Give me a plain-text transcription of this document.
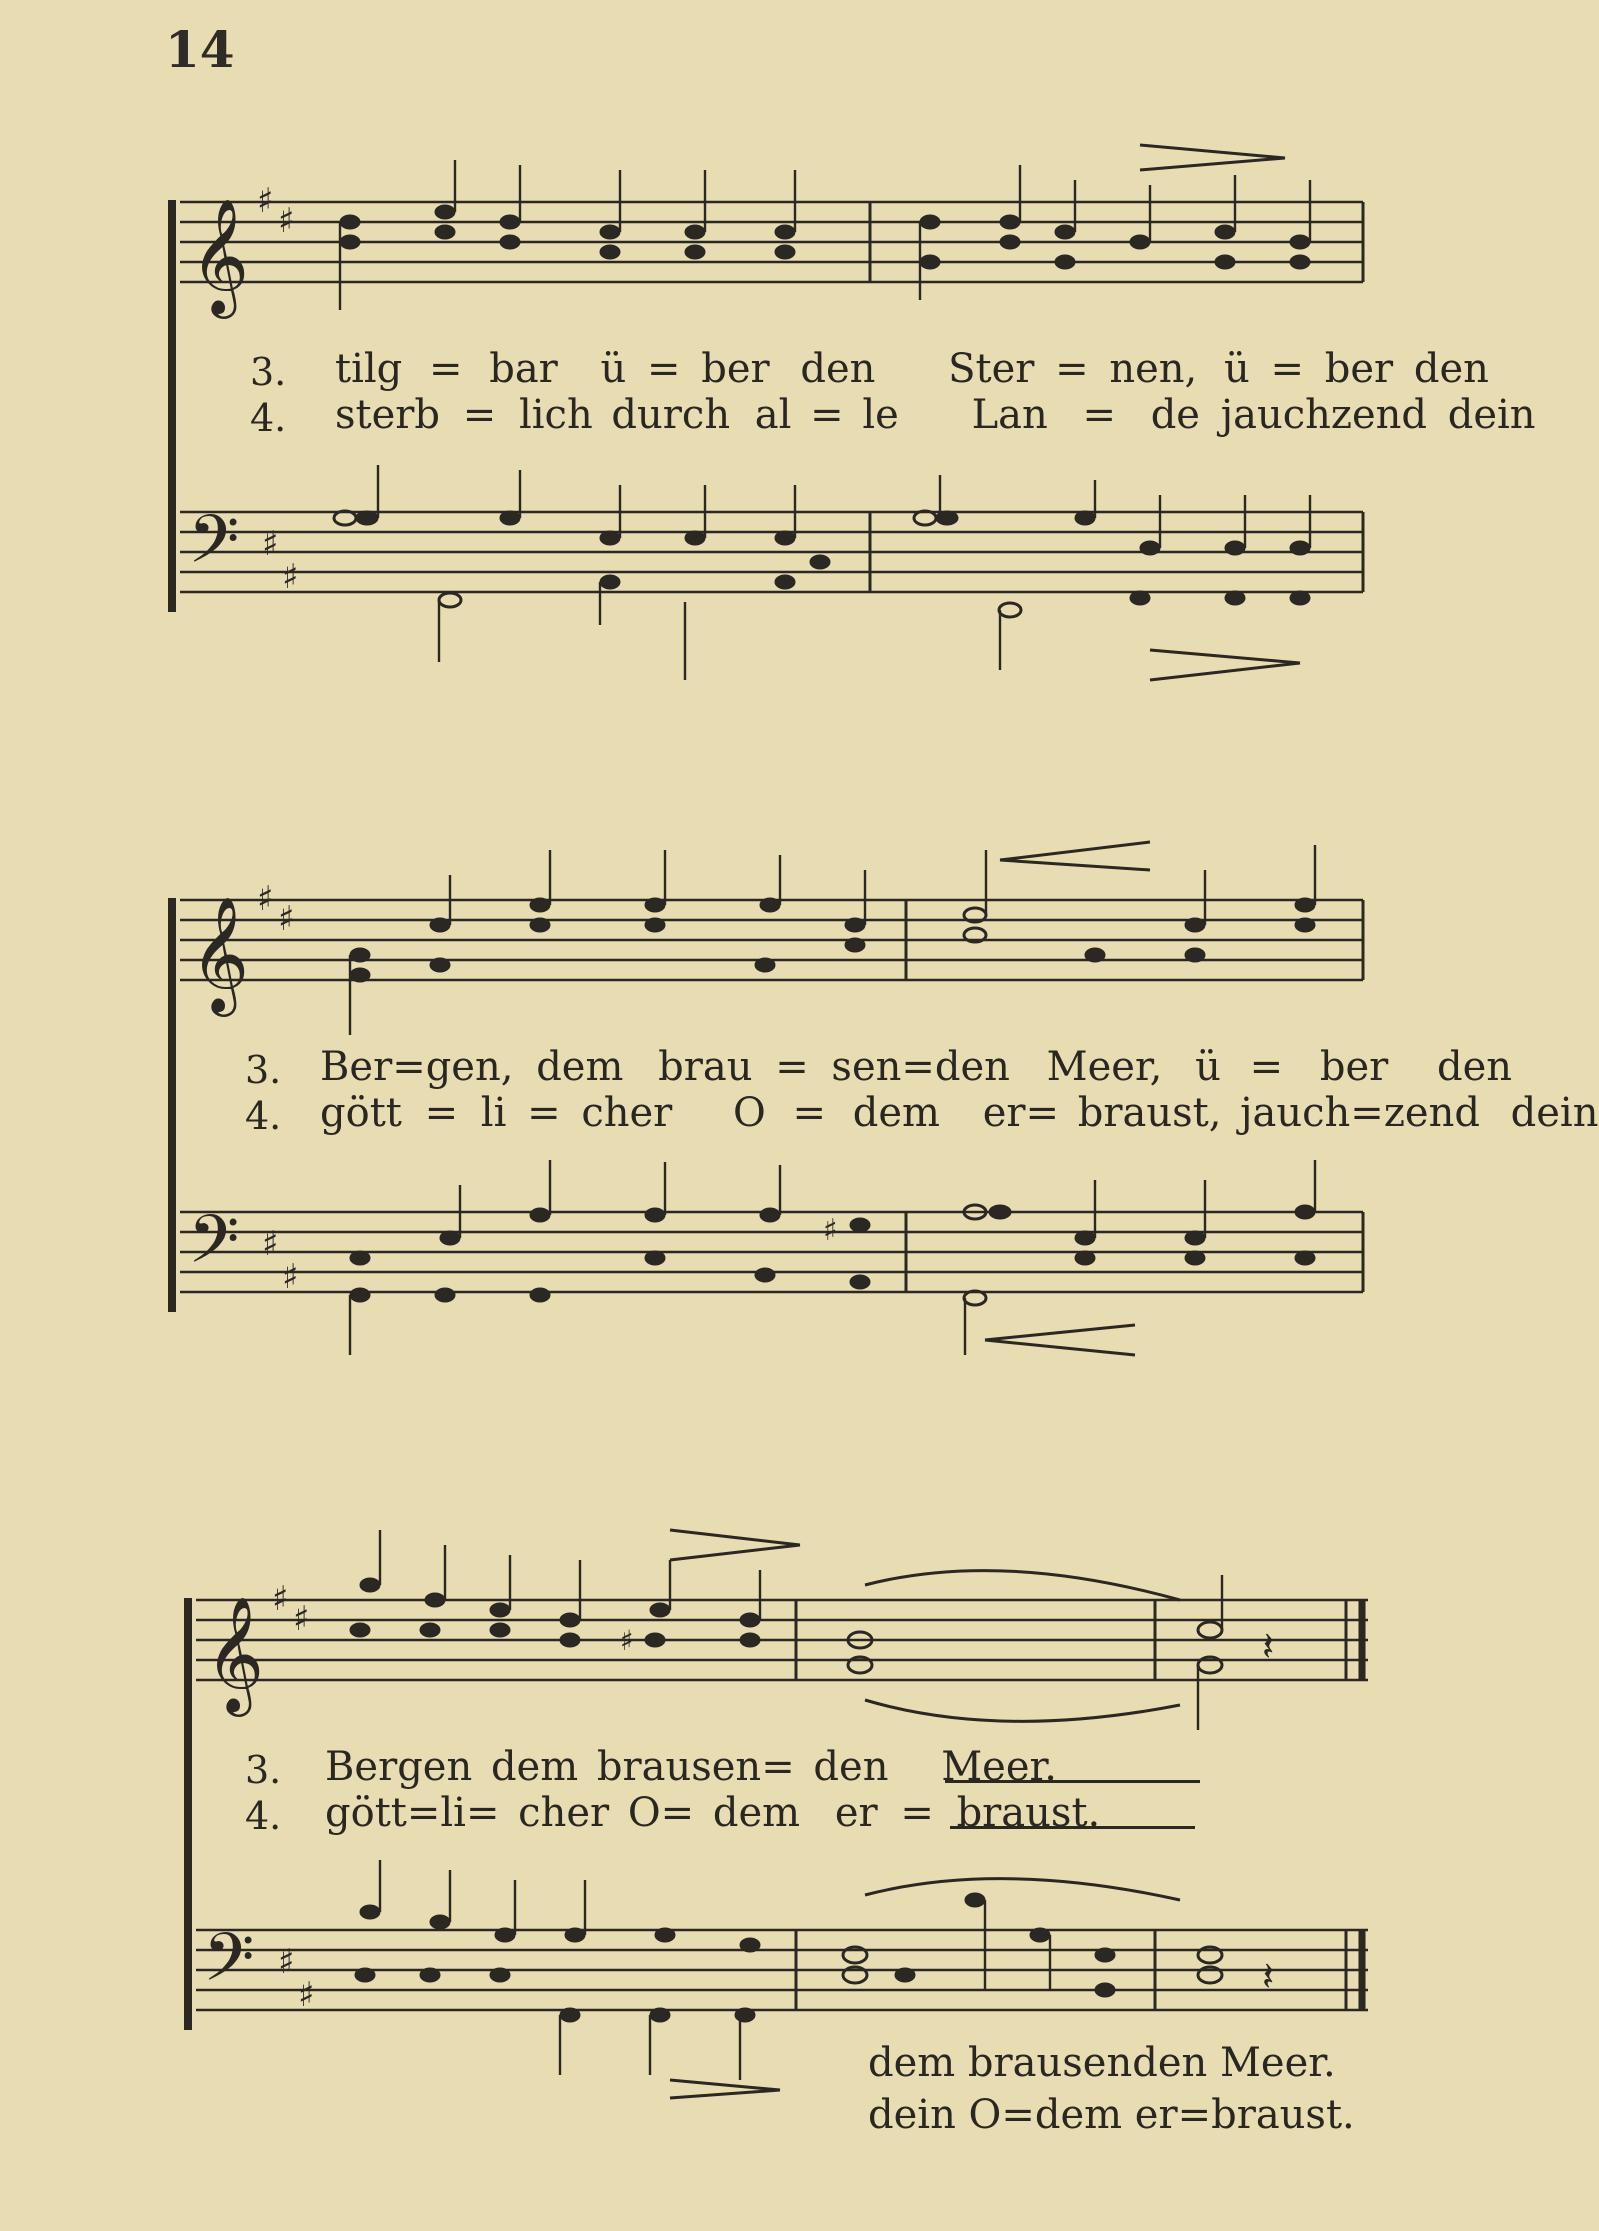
14
𝄞 ♯ ♯
𝄢 ♯
♯
𝄞 ♯ ♯
𝄢 ♯
♯
♯
𝄞 ♯ ♯
♯	𝄽
𝄢 ♯
♯	𝄽
3. tilg = bar ü = ber den Ster = nen, ü = ber den
4. sterb = lich durch al = le Lan = de jauchzend dein
3. Ber=gen, dem brau = sen=den Meer, ü = ber den
4. gött = li = cher O = dem er= braust, jauch=zend dein
3. Bergen dem brausen= den Meer.
4. gött=li= cher O= dem er = braust.
dem brausenden Meer.
dein O=dem er=braust.
